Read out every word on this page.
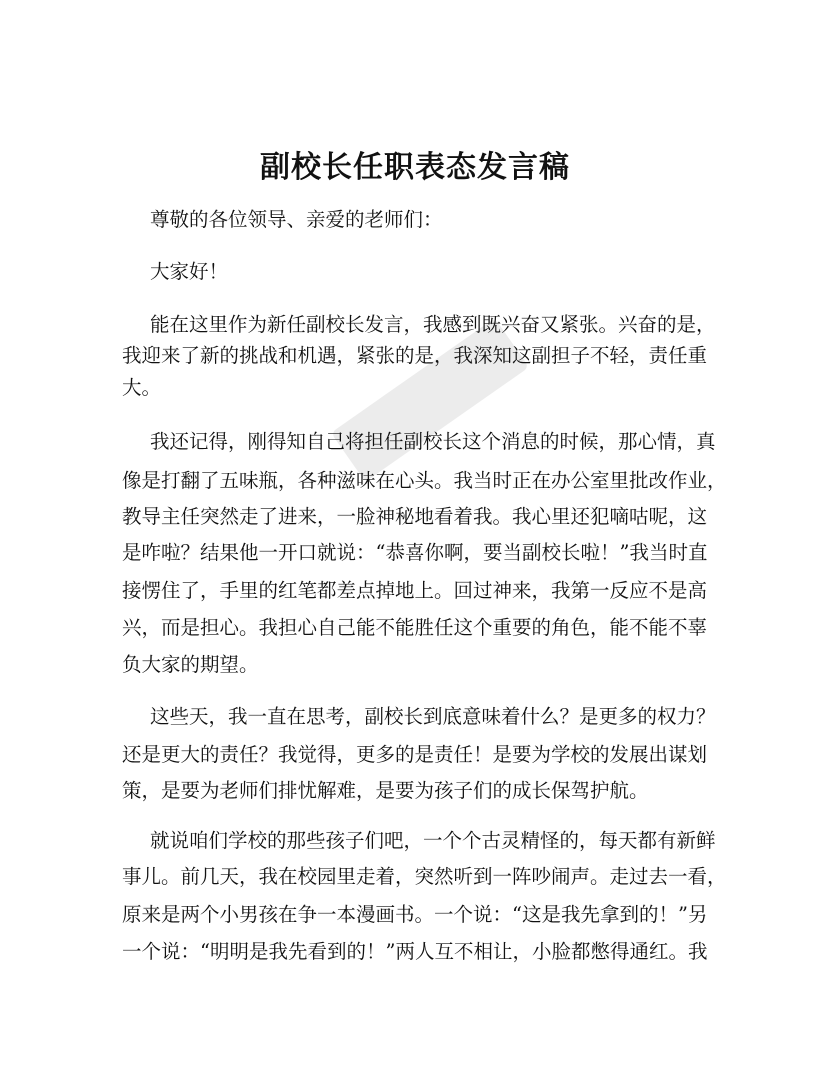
副校长任职表态发言稿

尊敬的各位领导、亲爱的老师们：

大家好！

能在这里作为新任副校长发言，我感到既兴奋又紧张。兴奋的是，

我迎来了新的挑战和机遇，紧张的是，我深知这副担子不轻，责任重

大。

我还记得，刚得知自己将担任副校长这个消息的时候，那心情，真

像是打翻了五味瓶，各种滋味在心头。我当时正在办公室里批改作业，

教导主任突然走了进来，一脸神秘地看着我。我心里还犯嘀咕呢，这

是咋啦？结果他一开口就说：“恭喜你啊，要当副校长啦！”我当时直

接愣住了，手里的红笔都差点掉地上。回过神来，我第一反应不是高

兴，而是担心。我担心自己能不能胜任这个重要的角色，能不能不辜

负大家的期望。

这些天，我一直在思考，副校长到底意味着什么？是更多的权力？

还是更大的责任？我觉得，更多的是责任！是要为学校的发展出谋划

策，是要为老师们排忧解难，是要为孩子们的成长保驾护航。

就说咱们学校的那些孩子们吧，一个个古灵精怪的，每天都有新鲜

事儿。前几天，我在校园里走着，突然听到一阵吵闹声。走过去一看，

原来是两个小男孩在争一本漫画书。一个说：“这是我先拿到的！”另

一个说：“明明是我先看到的！”两人互不相让，小脸都憋得通红。我
